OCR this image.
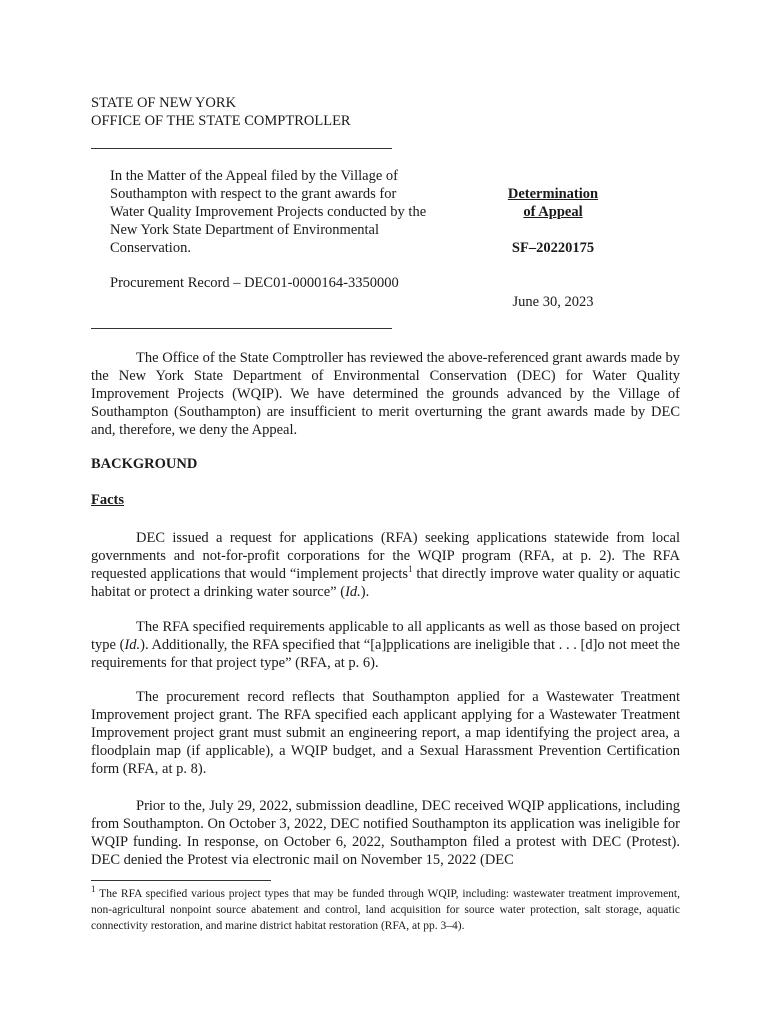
STATE OF NEW YORK
OFFICE OF THE STATE COMPTROLLER
In the Matter of the Appeal filed by the Village of Southampton with respect to the grant awards for Water Quality Improvement Projects conducted by the New York State Department of Environmental Conservation.
Procurement Record – DEC01-0000164-3350000
Determination
of Appeal
SF–20220175
June 30, 2023
The Office of the State Comptroller has reviewed the above-referenced grant awards made by the New York State Department of Environmental Conservation (DEC) for Water Quality Improvement Projects (WQIP). We have determined the grounds advanced by the Village of Southampton (Southampton) are insufficient to merit overturning the grant awards made by DEC and, therefore, we deny the Appeal.
BACKGROUND
Facts
DEC issued a request for applications (RFA) seeking applications statewide from local governments and not-for-profit corporations for the WQIP program (RFA, at p. 2). The RFA requested applications that would “implement projects$^1$ that directly improve water quality or aquatic habitat or protect a drinking water source” (Id.).
The RFA specified requirements applicable to all applicants as well as those based on project type (Id.). Additionally, the RFA specified that “[a]pplications are ineligible that . . . [d]o not meet the requirements for that project type” (RFA, at p. 6).
The procurement record reflects that Southampton applied for a Wastewater Treatment Improvement project grant. The RFA specified each applicant applying for a Wastewater Treatment Improvement project grant must submit an engineering report, a map identifying the project area, a floodplain map (if applicable), a WQIP budget, and a Sexual Harassment Prevention Certification form (RFA, at p. 8).
Prior to the, July 29, 2022, submission deadline, DEC received WQIP applications, including from Southampton. On October 3, 2022, DEC notified Southampton its application was ineligible for WQIP funding. In response, on October 6, 2022, Southampton filed a protest with DEC (Protest). DEC denied the Protest via electronic mail on November 15, 2022 (DEC
$^1$ The RFA specified various project types that may be funded through WQIP, including: wastewater treatment improvement, non-agricultural nonpoint source abatement and control, land acquisition for source water protection, salt storage, aquatic connectivity restoration, and marine district habitat restoration (RFA, at pp. 3–4).
